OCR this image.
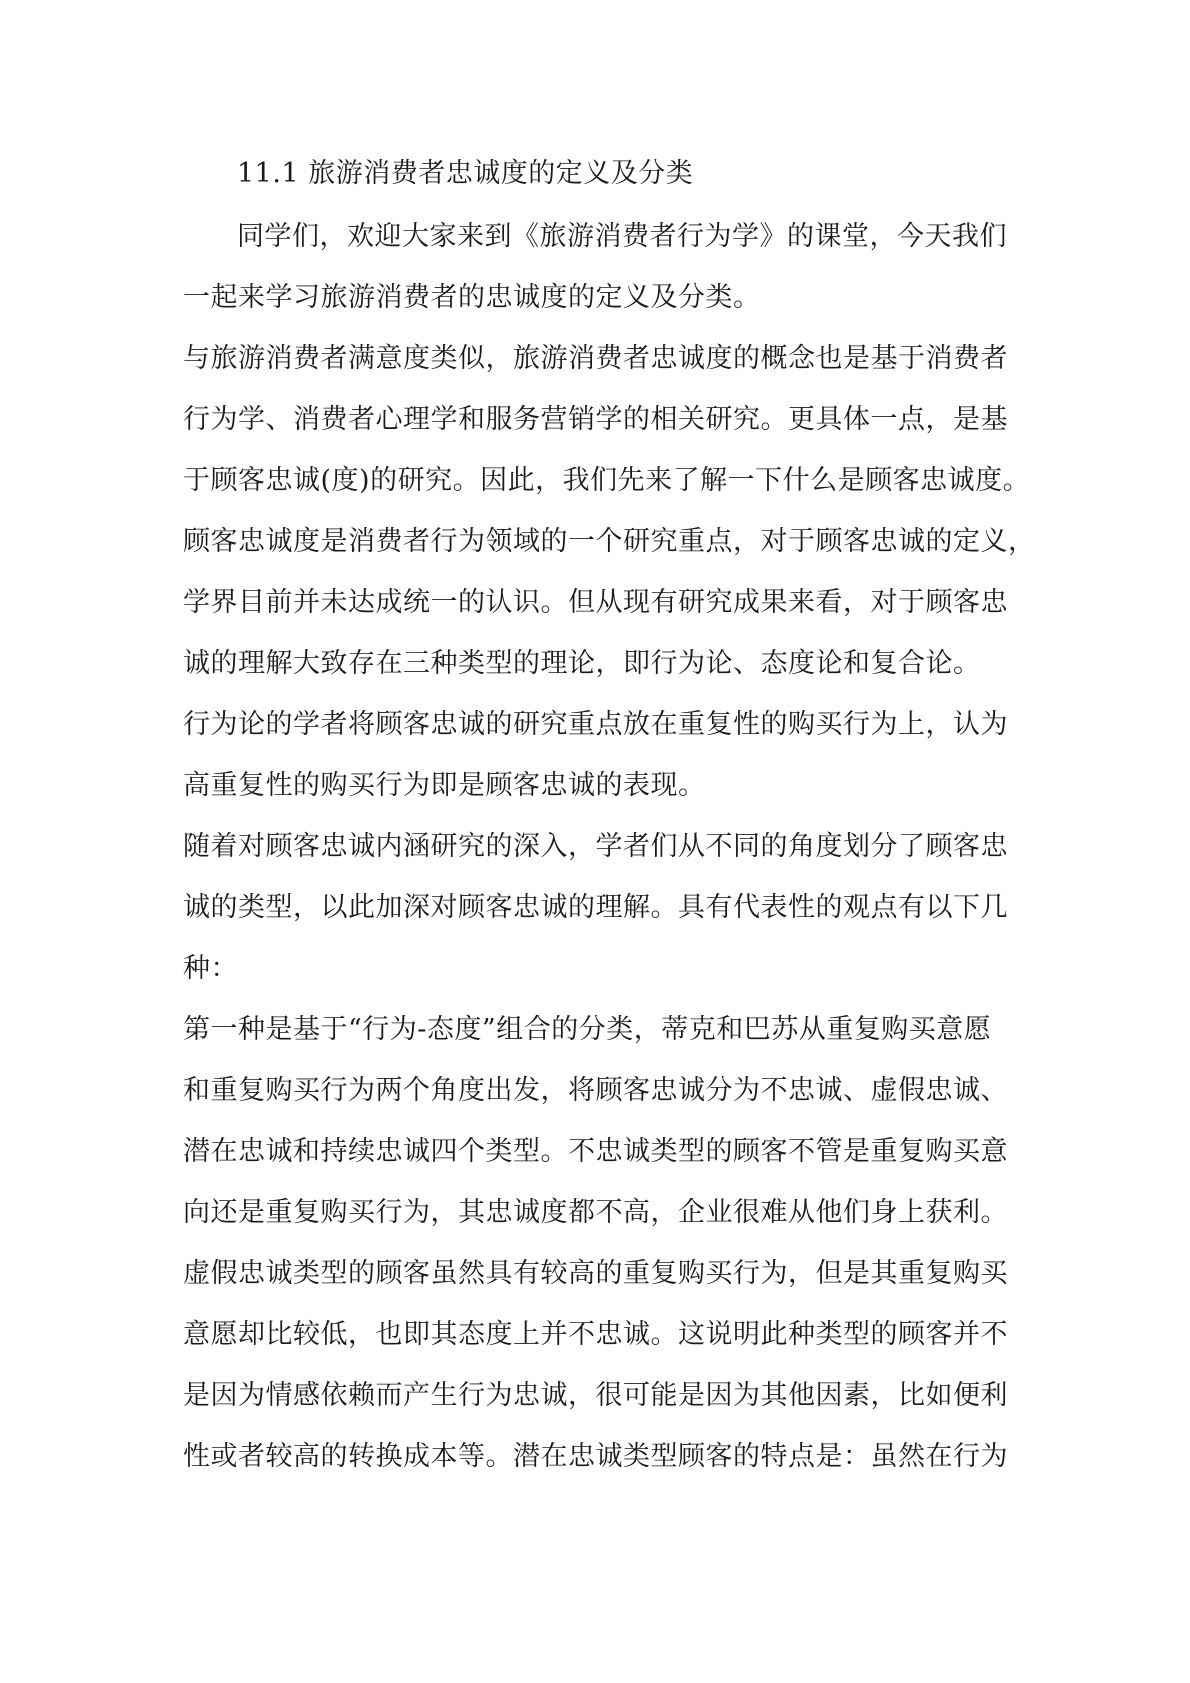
11.1 旅游消费者忠诚度的定义及分类
同学们，欢迎大家来到《旅游消费者行为学》的课堂，今天我们
一起来学习旅游消费者的忠诚度的定义及分类。
与旅游消费者满意度类似，旅游消费者忠诚度的概念也是基于消费者
行为学、消费者心理学和服务营销学的相关研究。更具体一点，是基
于顾客忠诚(度)的研究。因此，我们先来了解一下什么是顾客忠诚度。
顾客忠诚度是消费者行为领域的一个研究重点，对于顾客忠诚的定义，
学界目前并未达成统一的认识。但从现有研究成果来看，对于顾客忠
诚的理解大致存在三种类型的理论，即行为论、态度论和复合论。
行为论的学者将顾客忠诚的研究重点放在重复性的购买行为上，认为
高重复性的购买行为即是顾客忠诚的表现。
随着对顾客忠诚内涵研究的深入，学者们从不同的角度划分了顾客忠
诚的类型，以此加深对顾客忠诚的理解。具有代表性的观点有以下几
种：
第一种是基于“行为-态度”组合的分类，蒂克和巴苏从重复购买意愿
和重复购买行为两个角度出发，将顾客忠诚分为不忠诚、虚假忠诚、
潜在忠诚和持续忠诚四个类型。不忠诚类型的顾客不管是重复购买意
向还是重复购买行为，其忠诚度都不高，企业很难从他们身上获利。
虚假忠诚类型的顾客虽然具有较高的重复购买行为，但是其重复购买
意愿却比较低，也即其态度上并不忠诚。这说明此种类型的顾客并不
是因为情感依赖而产生行为忠诚，很可能是因为其他因素，比如便利
性或者较高的转换成本等。潜在忠诚类型顾客的特点是：虽然在行为
